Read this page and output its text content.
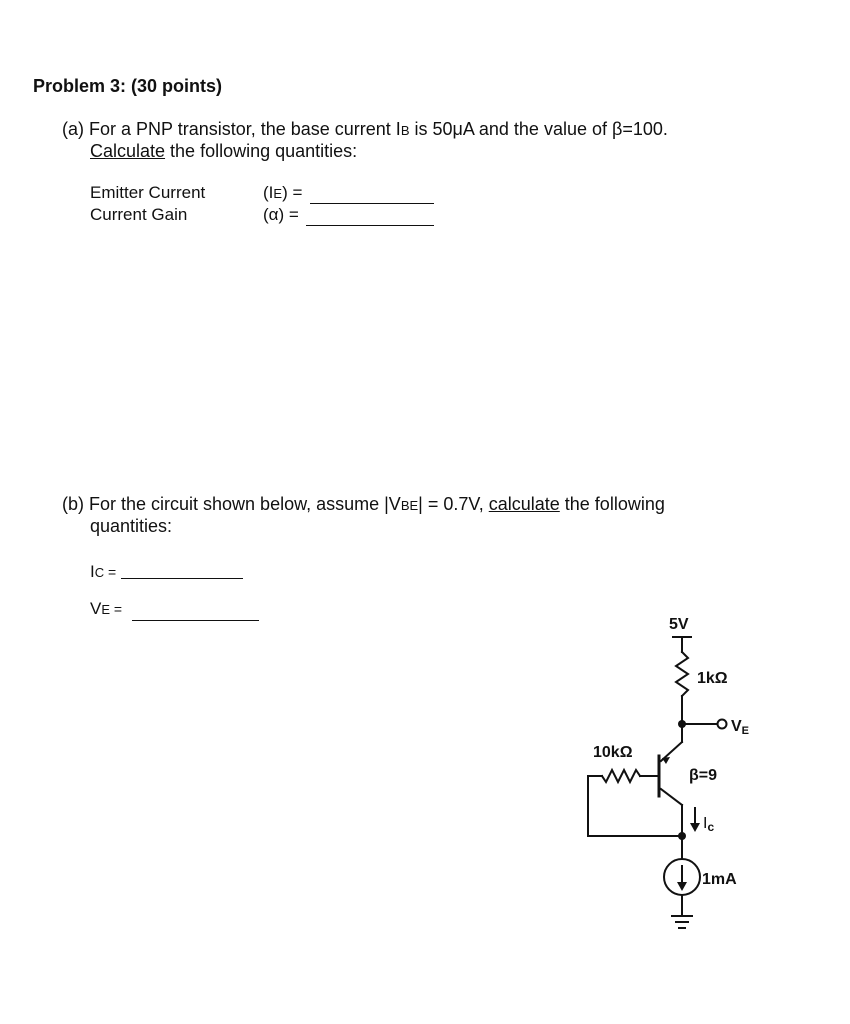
Problem 3: (30 points)
(a) For a PNP transistor, the base current IB is 50μA and the value of β=100.
Calculate the following quantities:
Emitter Current	(IE) =
Current Gain	(α) =
(b) For the circuit shown below, assume |VBE| = 0.7V, calculate the following
quantities:
IC =
VE =
5V
1kΩ
VE
10kΩ
β=9
Ic
1mA
